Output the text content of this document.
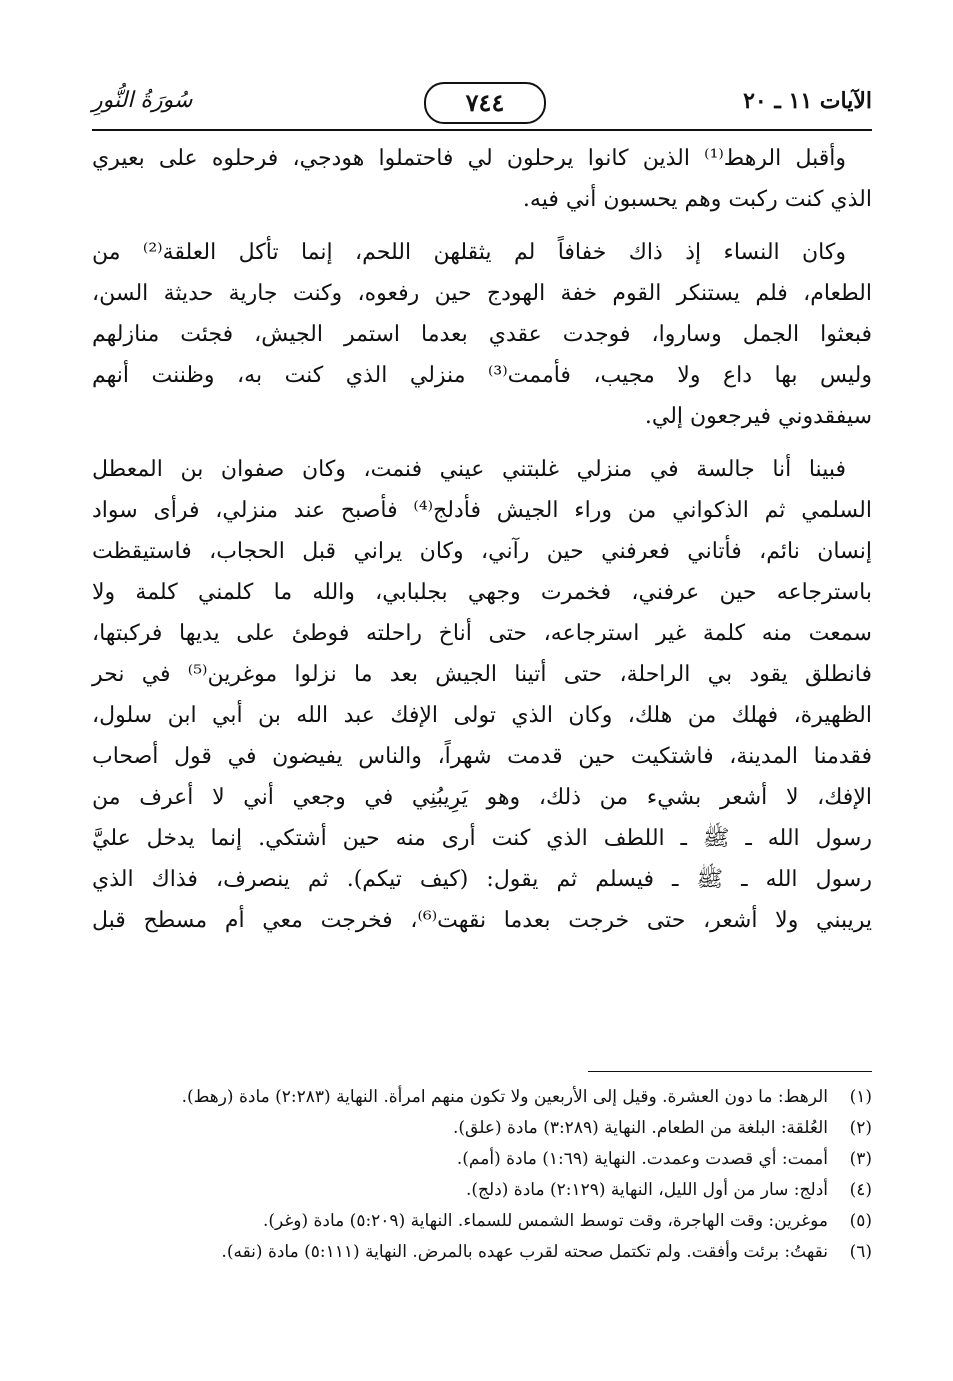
الآيات ١١ ـ ٢٠
٧٤٤
سُورَةُ النُّورِ

وأقبل الرهط⁽¹⁾ الذين كانوا يرحلون لي فاحتملوا هودجي، فرحلوه على بعيري
الذي كنت ركبت وهم يحسبون أني فيه.

وكان النساء إذ ذاك خفافاً لم يثقلهن اللحم، إنما تأكل العلقة⁽²⁾ من
الطعام، فلم يستنكر القوم خفة الهودج حين رفعوه، وكنت جارية حديثة السن،
فبعثوا الجمل وساروا، فوجدت عقدي بعدما استمر الجيش، فجئت منازلهم
وليس بها داع ولا مجيب، فأممت⁽³⁾ منزلي الذي كنت به، وظننت أنهم
سيفقدوني فيرجعون إلي.

فبينا أنا جالسة في منزلي غلبتني عيني فنمت، وكان صفوان بن المعطل
السلمي ثم الذكواني من وراء الجيش فأدلج⁽⁴⁾ فأصبح عند منزلي، فرأى سواد
إنسان نائم، فأتاني فعرفني حين رآني، وكان يراني قبل الحجاب، فاستيقظت
باسترجاعه حين عرفني، فخمرت وجهي بجلبابي، والله ما كلمني كلمة ولا
سمعت منه كلمة غير استرجاعه، حتى أناخ راحلته فوطئ على يديها فركبتها،
فانطلق يقود بي الراحلة، حتى أتينا الجيش بعد ما نزلوا موغرين⁽⁵⁾ في نحر
الظهيرة، فهلك من هلك، وكان الذي تولى الإفك عبد الله بن أبي ابن سلول،
فقدمنا المدينة، فاشتكيت حين قدمت شهراً، والناس يفيضون في قول أصحاب
الإفك، لا أشعر بشيء من ذلك، وهو يَرِيبُنِي في وجعي أني لا أعرف من
رسول الله ـ ﷺ ـ اللطف الذي كنت أرى منه حين أشتكي. إنما يدخل عليَّ
رسول الله ـ ﷺ ـ فيسلم ثم يقول: (كيف تيكم). ثم ينصرف، فذاك الذي
يريبني ولا أشعر، حتى خرجت بعدما نقهت⁽⁶⁾، فخرجت معي أم مسطح قبل

(١)
الرهط: ما دون العشرة. وقيل إلى الأربعين ولا تكون منهم امرأة. النهاية (٢:٢٨٣) مادة (رهط).
(٢)
العُلقة: البلغة من الطعام. النهاية (٣:٢٨٩) مادة (علق).
(٣)
أممت: أي قصدت وعمدت. النهاية (١:٦٩) مادة (أمم).
(٤)
أدلج: سار من أول الليل، النهاية (٢:١٢٩) مادة (دلج).
(٥)
موغرين: وقت الهاجرة، وقت توسط الشمس للسماء. النهاية (٥:٢٠٩) مادة (وغر).
(٦)
نقهتُ: برئت وأفقت. ولم تكتمل صحته لقرب عهده بالمرض. النهاية (٥:١١١) مادة (نقه).
